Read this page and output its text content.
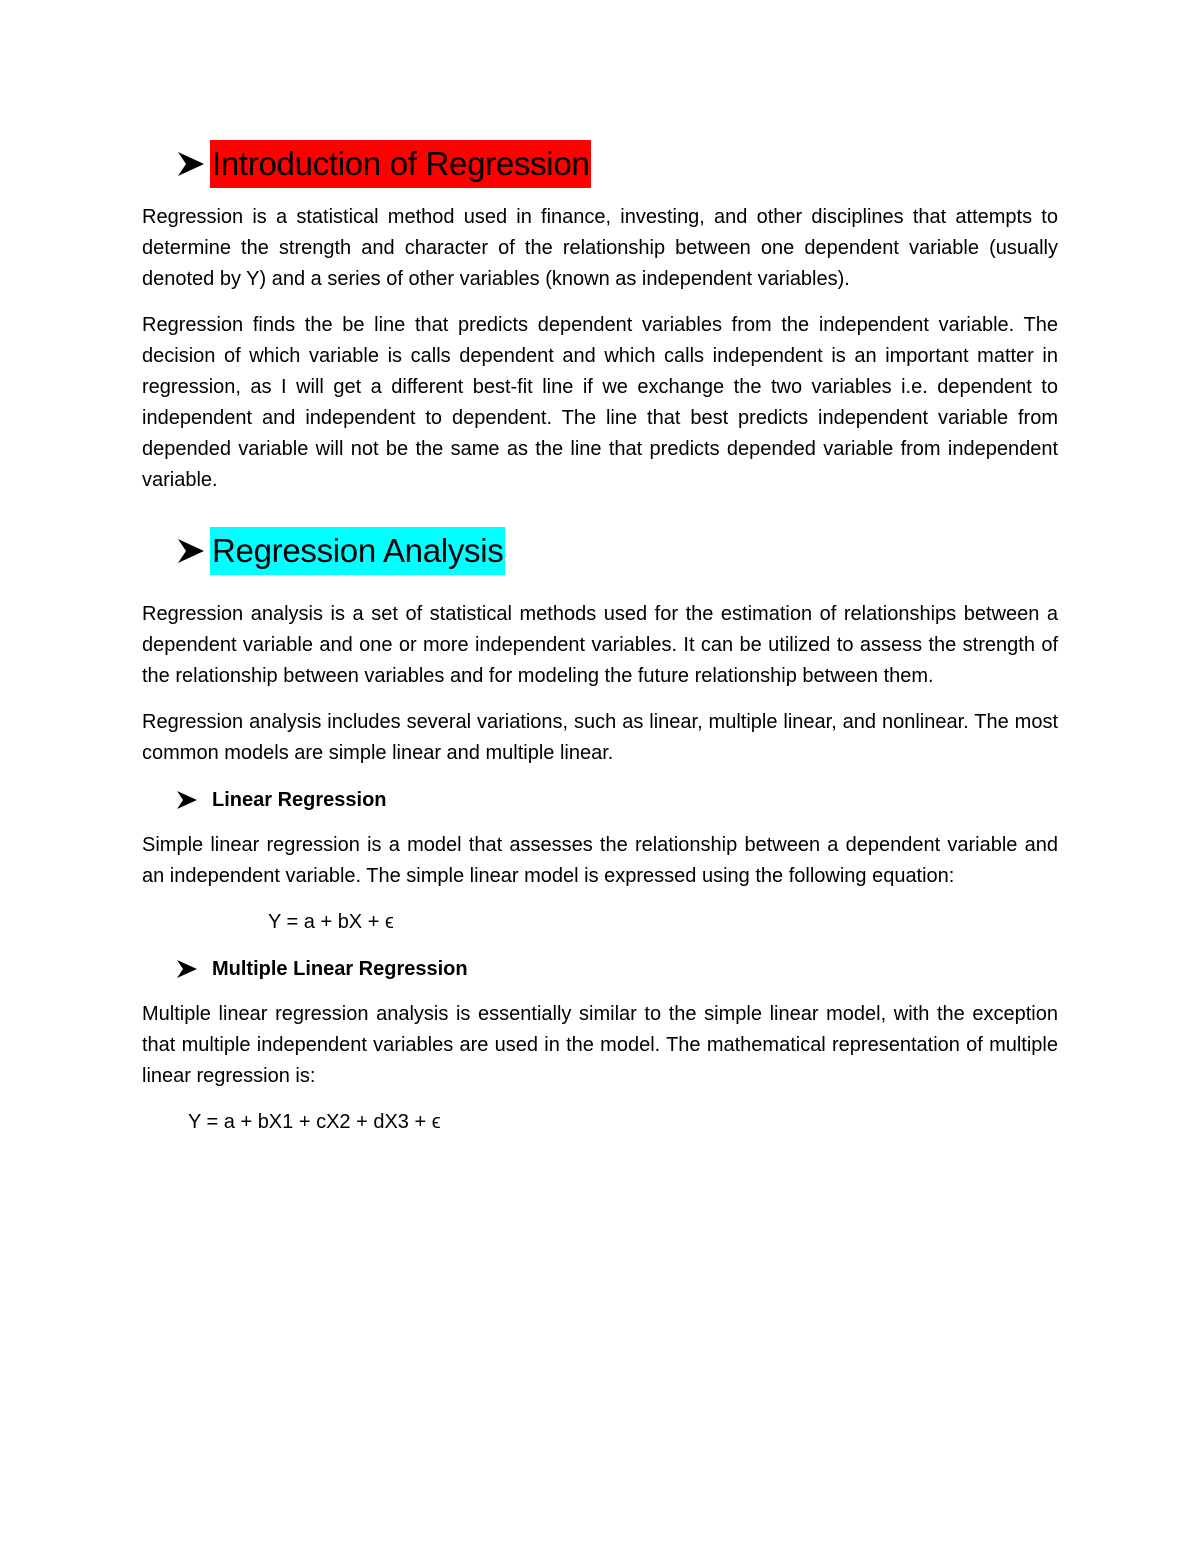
Introduction of Regression

Regression is a statistical method used in finance, investing, and other disciplines that attempts to determine the strength and character of the relationship between one dependent variable (usually denoted by Y) and a series of other variables (known as independent variables).

Regression finds the be line that predicts dependent variables from the independent variable. The decision of which variable is calls dependent and which calls independent is an important matter in regression, as I will get a different best-fit line if we exchange the two variables i.e. dependent to independent and independent to dependent. The line that best predicts independent variable from depended variable will not be the same as the line that predicts depended variable from independent variable.

Regression Analysis

Regression analysis is a set of statistical methods used for the estimation of relationships between a dependent variable and one or more independent variables. It can be utilized to assess the strength of the relationship between variables and for modeling the future relationship between them.

Regression analysis includes several variations, such as linear, multiple linear, and nonlinear. The most common models are simple linear and multiple linear.

Linear Regression

Simple linear regression is a model that assesses the relationship between a dependent variable and an independent variable. The simple linear model is expressed using the following equation:

Y = a + bX + ϵ
Multiple Linear Regression

Multiple linear regression analysis is essentially similar to the simple linear model, with the exception that multiple independent variables are used in the model. The mathematical representation of multiple linear regression is:

Y = a + bX1 + cX2 + dX3 + ϵ
